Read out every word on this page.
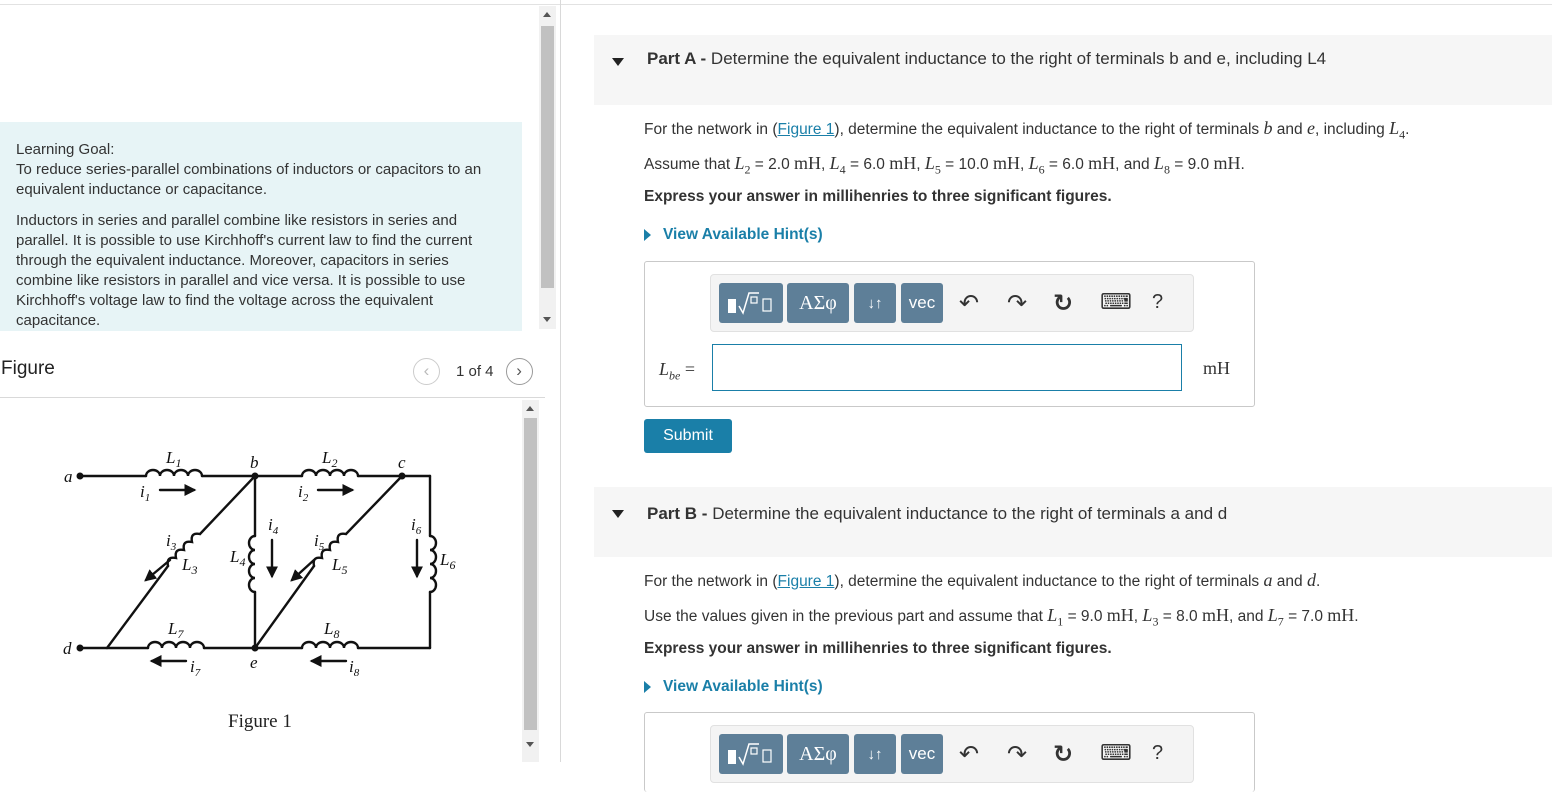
Learning Goal:
To reduce series-parallel combinations of inductors or capacitors to an equivalent inductance or capacitance.

Inductors in series and parallel combine like resistors in series and parallel. It is possible to use Kirchhoff's current law to find the current through the equivalent inductance. Moreover, capacitors in series combine like resistors in parallel and vice versa. It is possible to use Kirchhoff's voltage law to find the voltage across the equivalent capacitance.

Figure	‹	1 of 4	›
a
b	c
d
e
$L_1$	$L_2$
$L_3$
$L_4$	$L_5$
$L_6$
$L_7$	$L_8$
$i_1$	$i_2$
$i_3$
$i_4$ $i_5$
$i_6$
$i_7$	$i_8$
Figure 1
Part A - Determine the equivalent inductance to the right of terminals b and e, including L4
For the network in (Figure 1), determine the equivalent inductance to the right of terminals b and e, including $L_4$.
Assume that $L_2 = 2.0$ mH, $L_4 = 6.0$ mH, $L_5 = 10.0$ mH, $L_6 = 6.0$ mH, and $L_8 = 9.0$ mH.
Express your answer in millihenries to three significant figures.
View Available Hint(s)
ΑΣφ	↓↑	vec ↶ ↷ ↻ ⌨ ?
$L_{be}$ =	mH
Submit
Part B - Determine the equivalent inductance to the right of terminals a and d
For the network in (Figure 1), determine the equivalent inductance to the right of terminals a and d.
Use the values given in the previous part and assume that $L_1 = 9.0$ mH, $L_3 = 8.0$ mH, and $L_7 = 7.0$ mH.
Express your answer in millihenries to three significant figures.
View Available Hint(s)
ΑΣφ	↓↑	vec ↶ ↷ ↻ ⌨ ?
